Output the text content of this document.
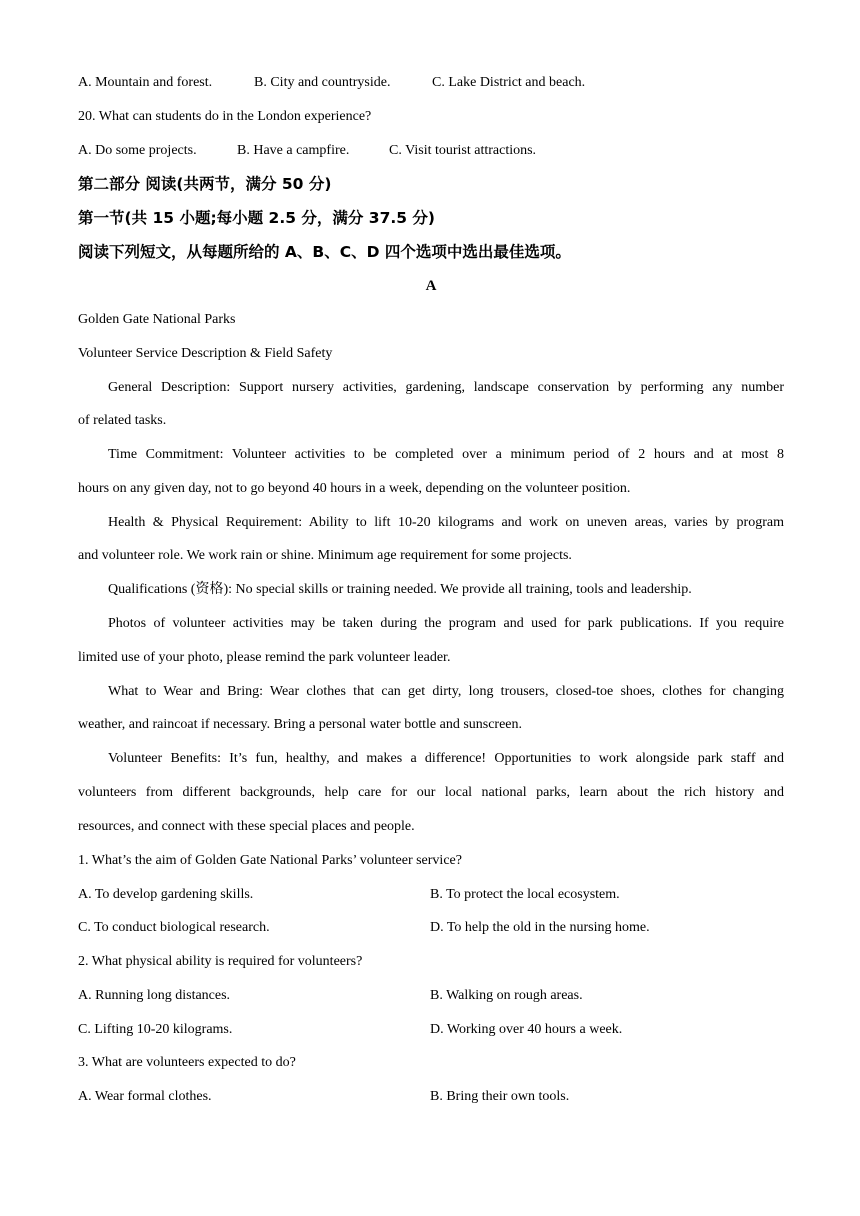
A. Mountain and forest.	B. City and countryside.	C. Lake District and beach.
20. What can students do in the London experience?
A. Do some projects.	B. Have a campfire.	C. Visit tourist attractions.
第二部分 阅读(共两节，满分 50 分)
第一节(共 15 小题;每小题 2.5 分，满分 37.5 分)
阅读下列短文，从每题所给的 A、B、C、D 四个选项中选出最佳选项。
A
Golden Gate National Parks
Volunteer Service Description & Field Safety
General Description: Support nursery activities, gardening, landscape conservation by performing any number
of related tasks.
Time Commitment: Volunteer activities to be completed over a minimum period of 2 hours and at most 8
hours on any given day, not to go beyond 40 hours in a week, depending on the volunteer position.
Health & Physical Requirement: Ability to lift 10-20 kilograms and work on uneven areas, varies by program
and volunteer role. We work rain or shine. Minimum age requirement for some projects.
Qualifications (资格): No special skills or training needed. We provide all training, tools and leadership.
Photos of volunteer activities may be taken during the program and used for park publications. If you require
limited use of your photo, please remind the park volunteer leader.
What to Wear and Bring: Wear clothes that can get dirty, long trousers, closed-toe shoes, clothes for changing
weather, and raincoat if necessary. Bring a personal water bottle and sunscreen.
Volunteer Benefits: It’s fun, healthy, and makes a difference! Opportunities to work alongside park staff and
volunteers from different backgrounds, help care for our local national parks, learn about the rich history and
resources, and connect with these special places and people.
1. What’s the aim of Golden Gate National Parks’ volunteer service?
A. To develop gardening skills.	B. To protect the local ecosystem.
C. To conduct biological research.	D. To help the old in the nursing home.
2. What physical ability is required for volunteers?
A. Running long distances.	B. Walking on rough areas.
C. Lifting 10-20 kilograms.	D. Working over 40 hours a week.
3. What are volunteers expected to do?
A. Wear formal clothes.	B. Bring their own tools.
